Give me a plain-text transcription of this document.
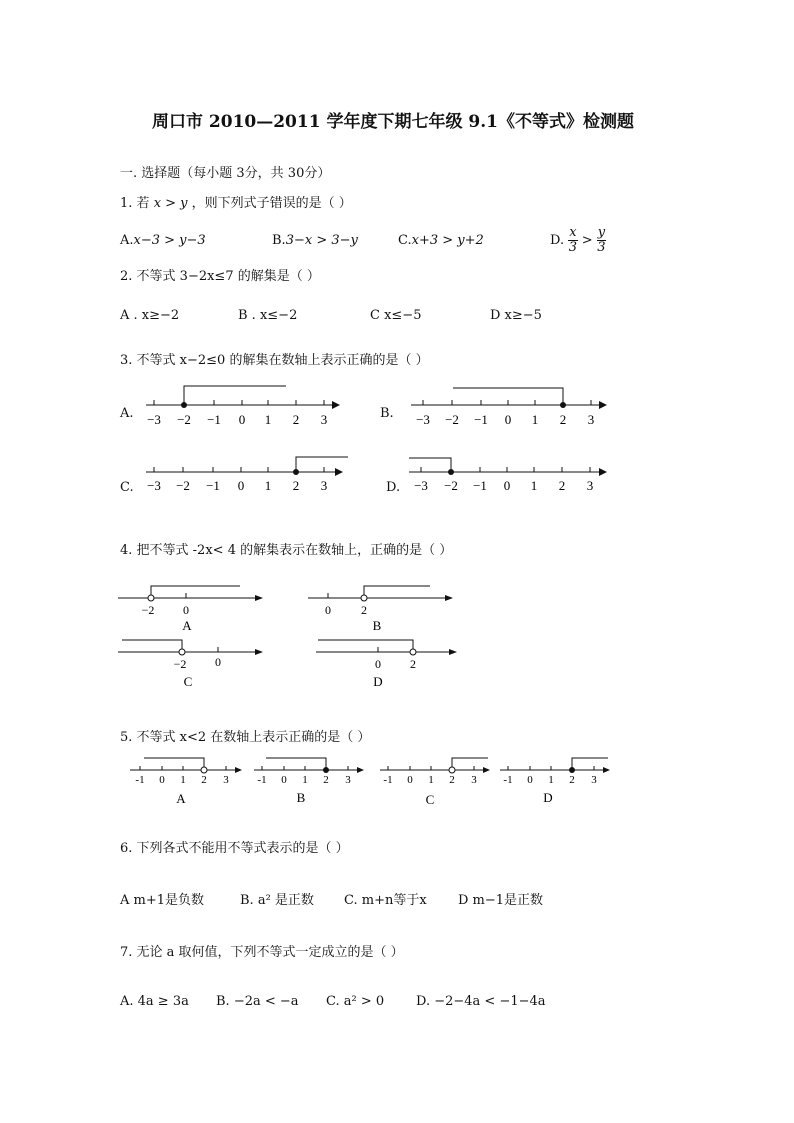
周口市 2010—2011 学年度下期七年级 9.1《不等式》检测题
一. 选择题（每小题 3分，共 30分）
1. 若 x > y ，则下列式子错误的是（ ）
A.x−3 > y−3	B.3−x > 3−y	C.x+3 > y+2	D. $\frac{x}{3} > \frac{y}{3}$
2. 不等式 3−2x≤7 的解集是（ ）
A . x≥−2	B . x≤−2	C x≤−5	D x≥−5
3. 不等式 x−2≤0 的解集在数轴上表示正确的是（ ）
A.	B.
C.	D.
−3 −2 −1 0 1 2 3	−3 −2 −1 0 1 2 3
−3 −2 −1 0 1 2 3	−3 −2 −1 0 1 2 3
4. 把不等式 -2x< 4 的解集表示在数轴上，正确的是（ ）
−2 0
A
0	2
B
−2 0
C
0 2
D
5. 不等式 x<2 在数轴上表示正确的是（ ）
-1 0 1 2 3
A
-1 0 1 2 3
B
-1 0 1 2 3
C
-1 0 1 2 3
D
6. 下列各式不能用不等式表示的是（ ）
A m+1是负数	B. a² 是正数 C. m+n等于x D m−1是正数
7. 无论 a 取何值，下列不等式一定成立的是（ ）
A. 4a ≥ 3a B. −2a < −a C. a² > 0 D. −2−4a < −1−4a
